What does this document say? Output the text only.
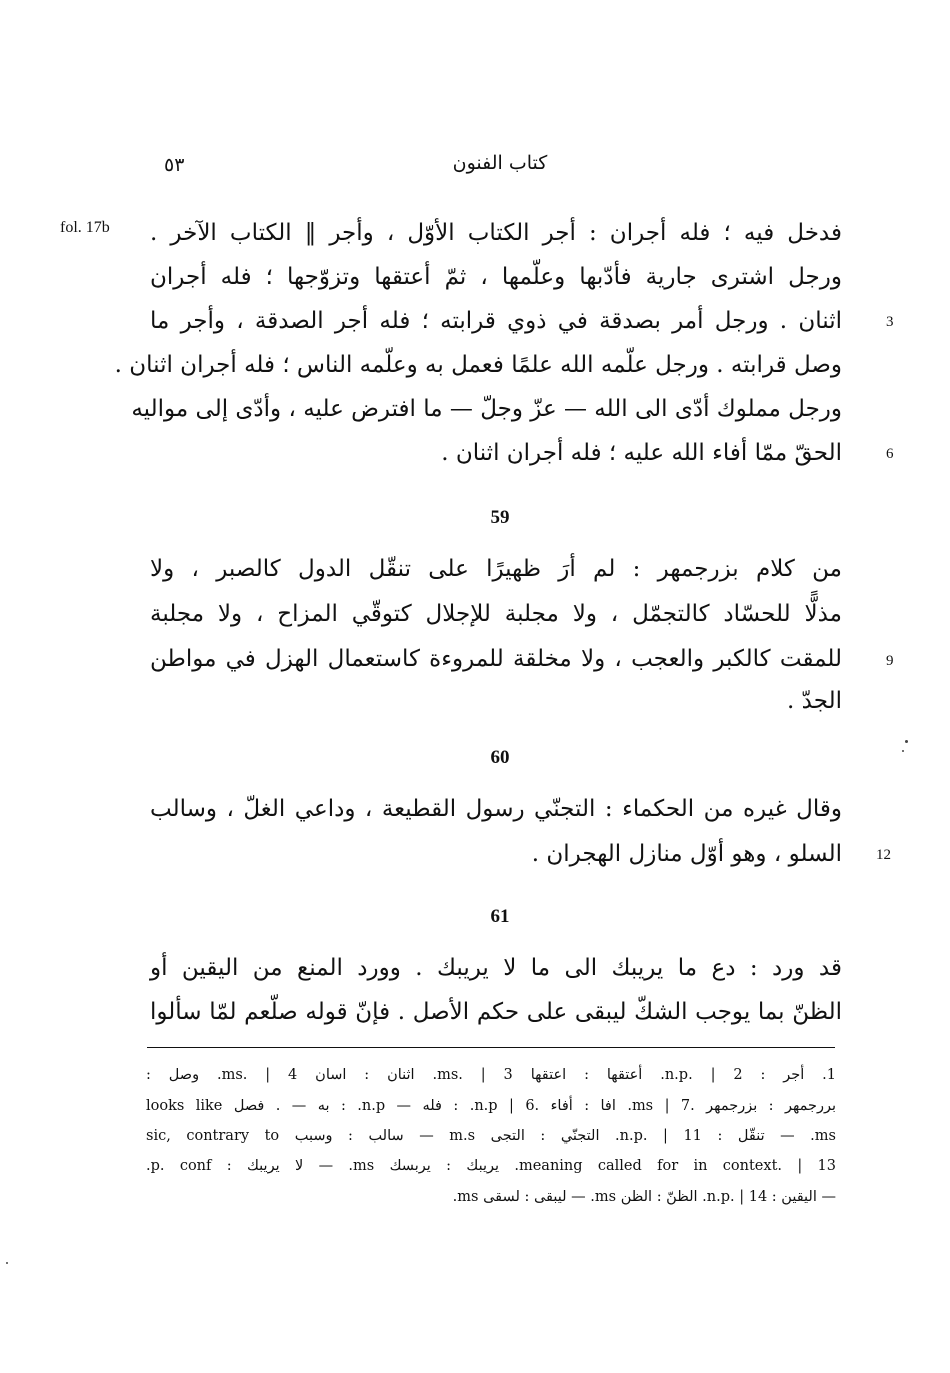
كتاب الفنون
٥٣
fol. 17b
3
6
9
12
فدخل فيه ؛ فله أجران : أجر الكتاب الأوّل ، وأجر ‖ الكتاب الآخر .
ورجل اشترى جارية فأدّبها وعلّمها ، ثمّ أعتقها وتزوّجها ؛ فله أجران
اثنان . ورجل أمر بصدقة في ذوي قرابته ؛ فله أجر الصدقة ، وأجر ما
وصل قرابته . ورجل علّمه الله علمًا فعمل به وعلّمه الناس ؛ فله أجران اثنان .
ورجل مملوك أدّى الى الله — عزّ وجلّ — ما افترض عليه ، وأدّى إلى مواليه
الحقّ ممّا أفاء الله عليه ؛ فله أجران اثنان .
59
من كلام بزرجمهر : لم أرَ ظهيرًا على تنقّل الدول كالصبر ، ولا
مذلًّا للحسّاد كالتجمّل ، ولا مجلبة للإجلال كتوقّي المزاح ، ولا مجلبة
للمقت كالكبر والعجب ، ولا مخلقة للمروءة كاستعمال الهزل في مواطن
الجدّ .
60
وقال غيره من الحكماء : التجنّي رسول القطيعة ، وداعي الغلّ ، وسالب
السلو ، وهو أوّل منازل الهجران .
61
قد ورد : دع ما يريبك الى ما لا يريبك . وورد المنع من اليقين أو
الظنّ بما يوجب الشكّ ليبقى على حكم الأصل . فإنّ قوله صلّعم لمّا سألوا
1. أجر : n.p. | 2. أعتقها : اعتقها ms. | 3. اثنان : اسان ms. | 4. وصل :
بررجمهر : بزرجمهر .7 | ms. افا : أفاء .6 | n.p. : فله — n.p. : به — . فصل looks like
ms. — تنقّل : n.p. | 11. التجنّي : التجى m.s — سالب : وسبب sic, contrary to
meaning called for in context. | 13. يريبك : يربسك ms. — لا يريبك : p. conf.
— اليقين : n.p. | 14. الظنّ : الظن ms. — ليبقى : لسقى ms.
